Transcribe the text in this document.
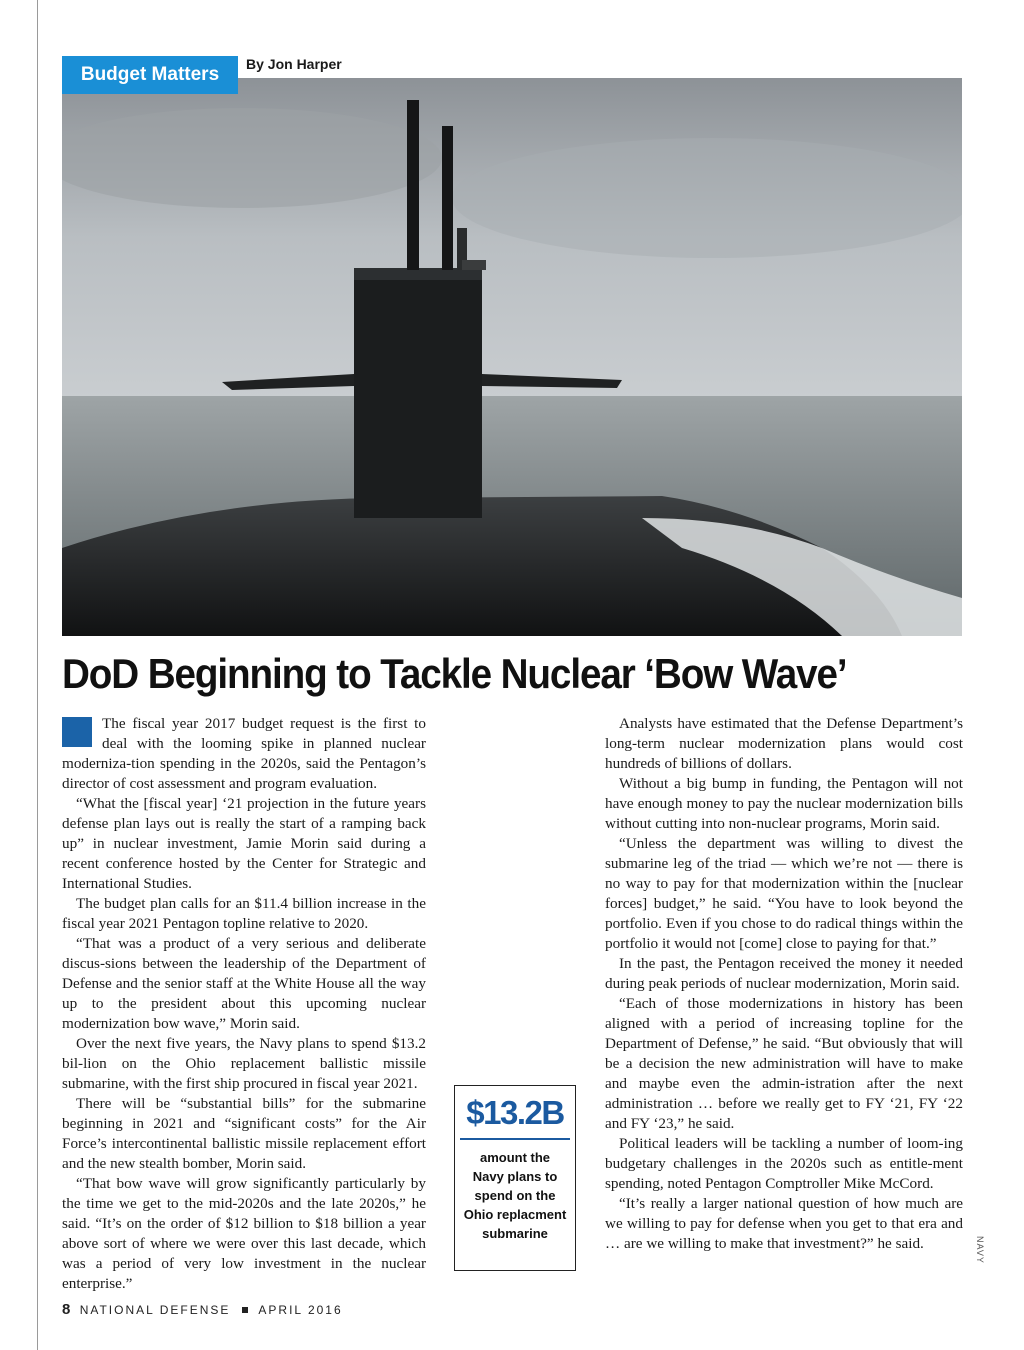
Budget Matters	By Jon Harper
DoD Beginning to Tackle Nuclear ‘Bow Wave’

The fiscal year 2017 budget request is the first to deal with the looming spike in planned nuclear moderniza-tion spending in the 2020s, said the Pentagon’s director of cost assessment and program evaluation.

“What the [fiscal year] ‘21 projection in the future years defense plan lays out is really the start of a ramping back up” in nuclear investment, Jamie Morin said during a recent conference hosted by the Center for Strategic and International Studies.

The budget plan calls for an $11.4 billion increase in the fiscal year 2021 Pentagon topline relative to 2020.

“That was a product of a very serious and deliberate discus-sions between the leadership of the Department of Defense and the senior staff at the White House all the way up to the president about this upcoming nuclear modernization bow wave,” Morin said.

Over the next five years, the Navy plans to spend $13.2 bil-lion on the Ohio replacement ballistic missile submarine, with the first ship procured in fiscal year 2021.

There will be “substantial bills” for the submarine beginning in 2021 and “significant costs” for the Air Force’s intercontinental ballistic missile replacement effort and the new stealth bomber, Morin said.

“That bow wave will grow significantly particularly by the time we get to the mid-2020s and the late 2020s,” he said. “It’s on the order of $12 billion to $18 billion a year above sort of where we were over this last decade, which was a period of very low investment in the nuclear enterprise.”

Analysts have estimated that the Defense Department’s long-term nuclear modernization plans would cost hundreds of billions of dollars.

Without a big bump in funding, the Pentagon will not have enough money to pay the nuclear modernization bills without cutting into non-nuclear programs, Morin said.

“Unless the department was willing to divest the submarine leg of the triad — which we’re not — there is no way to pay for that modernization within the [nuclear forces] budget,” he said. “You have to look beyond the portfolio. Even if you chose to do radical things within the portfolio it would not [come] close to paying for that.”

In the past, the Pentagon received the money it needed during peak periods of nuclear modernization, Morin said.

“Each of those modernizations in history has been aligned with a period of increasing topline for the Department of Defense,” he said. “But obviously that will be a decision the new administration will have to make and maybe even the admin-istration after the next administration … before we really get to FY ‘21, FY ‘22 and FY ‘23,” he said.

Political leaders will be tackling a number of loom-ing budgetary challenges in the 2020s such as entitle-ment spending, noted Pentagon Comptroller Mike McCord.

“It’s really a larger national question of how much are we willing to pay for defense when you get to that era and … are we willing to make that investment?” he said.

$13.2B
amount the Navy plans to spend on the Ohio replacment submarine
NAVY
8 NATIONAL DEFENSE APRIL 2016
